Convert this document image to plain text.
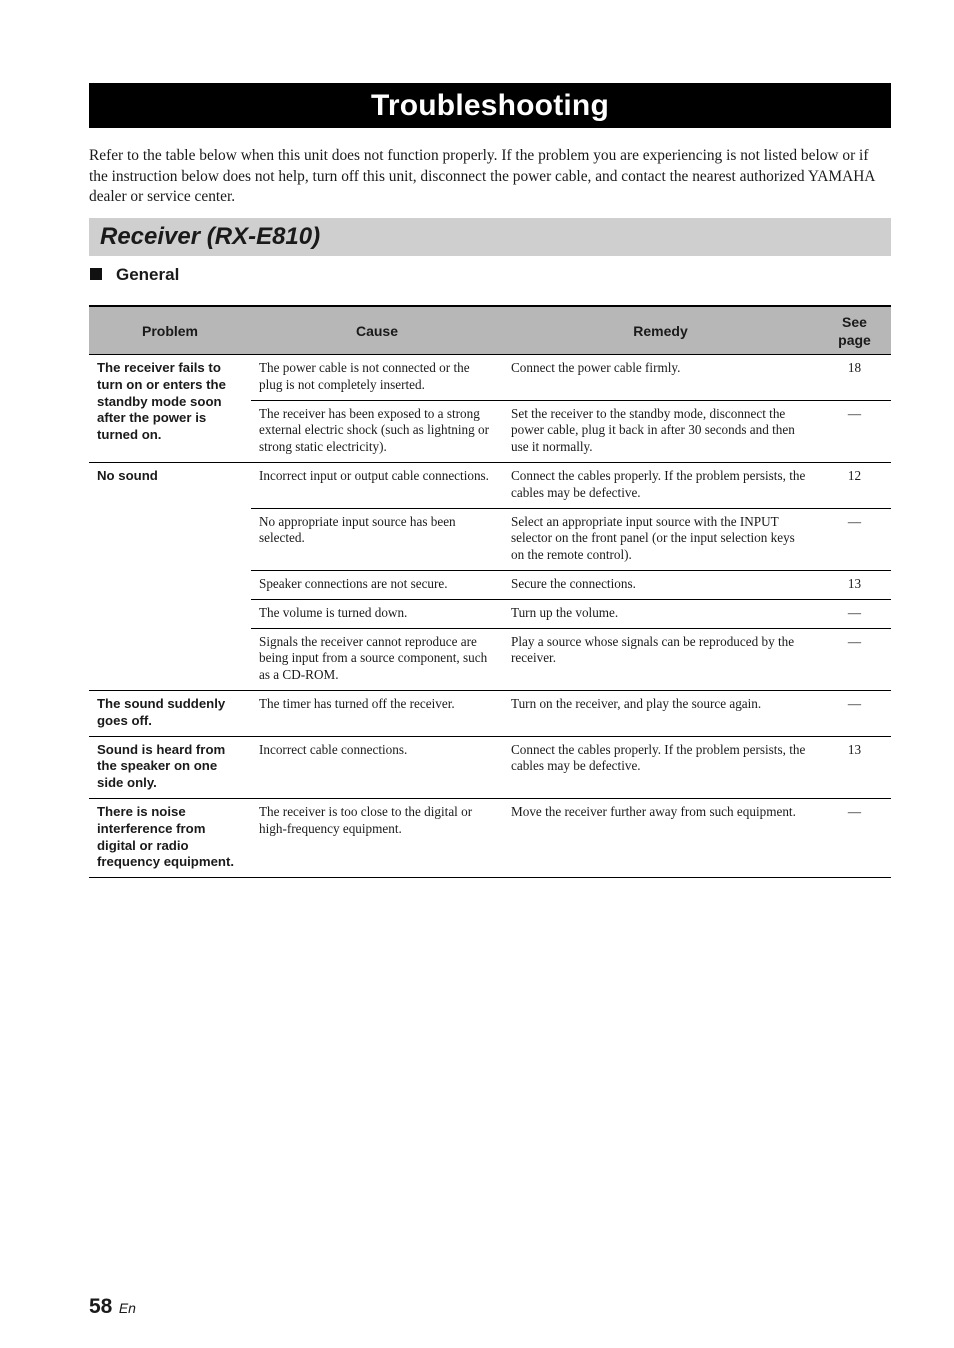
Troubleshooting
Refer to the table below when this unit does not function properly. If the problem you are experiencing is not listed below or if the instruction below does not help, turn off this unit, disconnect the power cable, and contact the nearest authorized YAMAHA dealer or service center.
Receiver (RX-E810)
General
Problem	Cause	Remedy	See
page
The receiver fails to turn on or enters the standby mode soon after the power is turned on.	The power cable is not connected or the plug is not completely inserted.	Connect the power cable firmly.	18
	The receiver has been exposed to a strong external electric shock (such as lightning or strong static electricity).	Set the receiver to the standby mode, disconnect the power cable, plug it back in after 30 seconds and then use it normally.	—
No sound	Incorrect input or output cable connections.	Connect the cables properly. If the problem persists, the cables may be defective.	12
	No appropriate input source has been selected.	Select an appropriate input source with the INPUT selector on the front panel (or the input selection keys on the remote control).	—
	Speaker connections are not secure.	Secure the connections.	13
	The volume is turned down.	Turn up the volume.	—
	Signals the receiver cannot reproduce are being input from a source component, such as a CD-ROM.	Play a source whose signals can be reproduced by the receiver.	—
The sound suddenly goes off.	The timer has turned off the receiver.	Turn on the receiver, and play the source again.	—
Sound is heard from the speaker on one side only.	Incorrect cable connections.	Connect the cables properly. If the problem persists, the cables may be defective.	13
There is noise interference from digital or radio frequency equipment.	The receiver is too close to the digital or high-frequency equipment.	Move the receiver further away from such equipment.	—
58 En
